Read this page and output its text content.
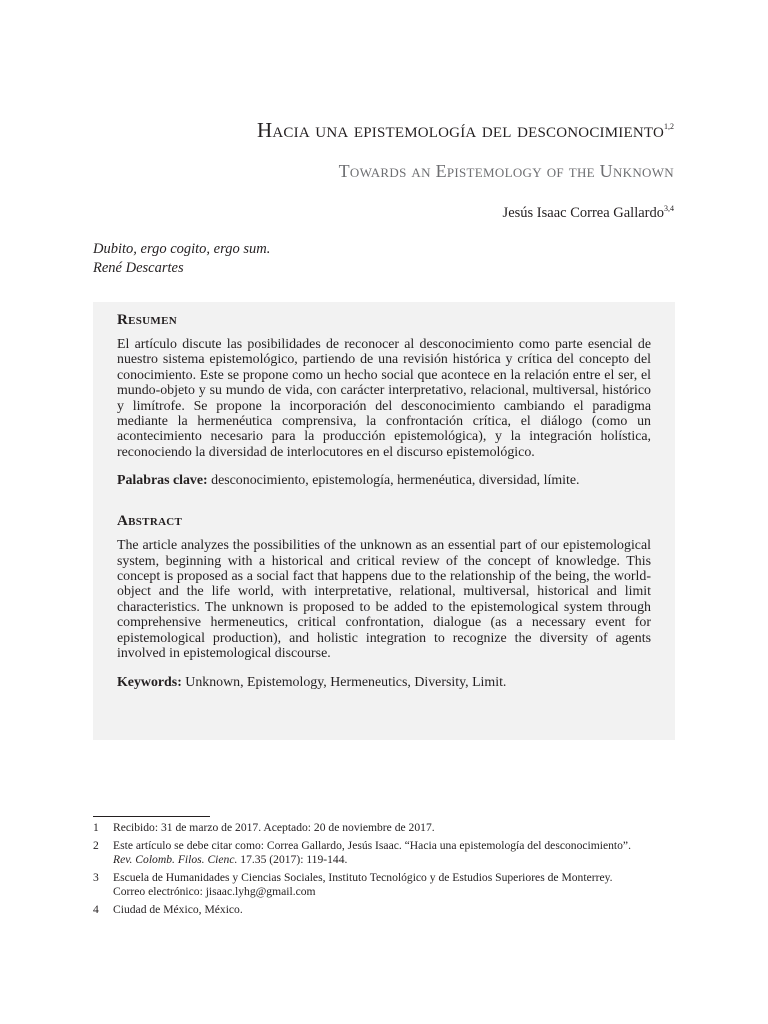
Hacia una epistemología del desconocimiento$^{1,2}$
Towards an Epistemology of the Unknown
Jesús Isaac Correa Gallardo$^{3,4}$
Dubito, ergo cogito, ergo sum.
René Descartes
Resumen

El artículo discute las posibilidades de reconocer al desconocimiento como parte esencial de nuestro sistema epistemológico, partiendo de una revisión histórica y crítica del concepto del conocimiento. Este se propone como un hecho social que acontece en la relación entre el ser, el mundo-objeto y su mundo de vida, con carácter interpretativo, relacional, multiversal, histórico y limítrofe. Se propone la incorporación del desconocimiento cambiando el paradigma mediante la hermenéutica comprensiva, la confrontación crítica, el diálogo (como un acontecimiento necesario para la producción epistemológica), y la integración holística, reconociendo la diversidad de interlocutores en el discurso epistemológico.

Palabras clave: desconocimiento, epistemología, hermenéutica, diversidad, límite.

Abstract

The article analyzes the possibilities of the unknown as an essential part of our epistemological system, beginning with a historical and critical review of the concept of knowledge. This concept is proposed as a social fact that happens due to the relationship of the being, the world-object and the life world, with interpretative, relational, multiversal, historical and limit characteristics. The unknown is proposed to be added to the epistemological system through comprehensive hermeneutics, critical confrontation, dialogue (as a necessary event for epistemological production), and holistic integration to recognize the diversity of agents involved in epistemological discourse.

Keywords: Unknown, Epistemology, Hermeneutics, Diversity, Limit.

1 Recibido: 31 de marzo de 2017. Aceptado: 20 de noviembre de 2017.
2 Este artículo se debe citar como: Correa Gallardo, Jesús Isaac. “Hacia una epistemología del desconocimiento”.
Rev. Colomb. Filos. Cienc. 17.35 (2017): 119-144.
3 Escuela de Humanidades y Ciencias Sociales, Instituto Tecnológico y de Estudios Superiores de Monterrey.
Correo electrónico: jisaac.lyhg@gmail.com
4 Ciudad de México, México.
